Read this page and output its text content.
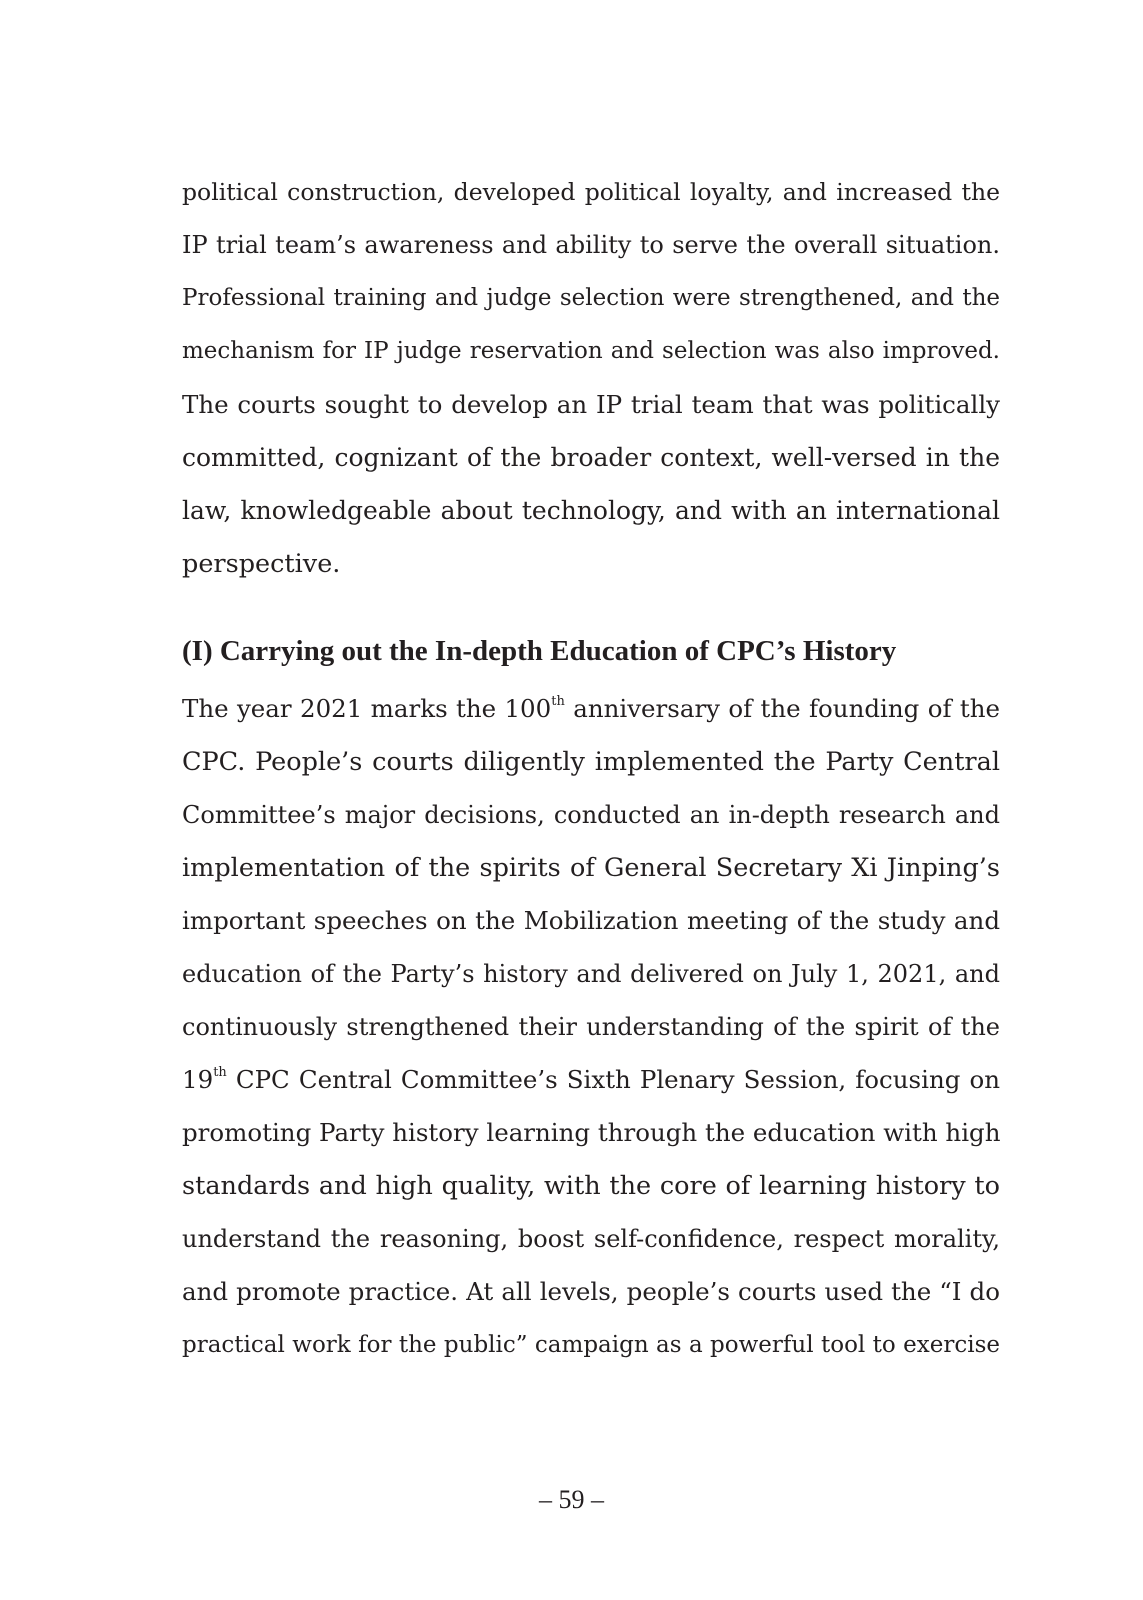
political construction, developed political loyalty, and increased the

IP trial team’s awareness and ability to serve the overall situation.

Professional training and judge selection were strengthened, and the

mechanism for IP judge reservation and selection was also improved.

The courts sought to develop an IP trial team that was politically

committed, cognizant of the broader context, well-versed in the

law, knowledgeable about technology, and with an international

perspective.

(I) Carrying out the In-depth Education of CPC’s History

The year 2021 marks the 100th anniversary of the founding of the

CPC. People’s courts diligently implemented the Party Central

Committee’s major decisions, conducted an in-depth research and

implementation of the spirits of General Secretary Xi Jinping’s

important speeches on the Mobilization meeting of the study and

education of the Party’s history and delivered on July 1, 2021, and

continuously strengthened their understanding of the spirit of the

19th CPC Central Committee’s Sixth Plenary Session, focusing on

promoting Party history learning through the education with high

standards and high quality, with the core of learning history to

understand the reasoning, boost self-confidence, respect morality,

and promote practice. At all levels, people’s courts used the “I do

practical work for the public” campaign as a powerful tool to exercise

– 59 –
